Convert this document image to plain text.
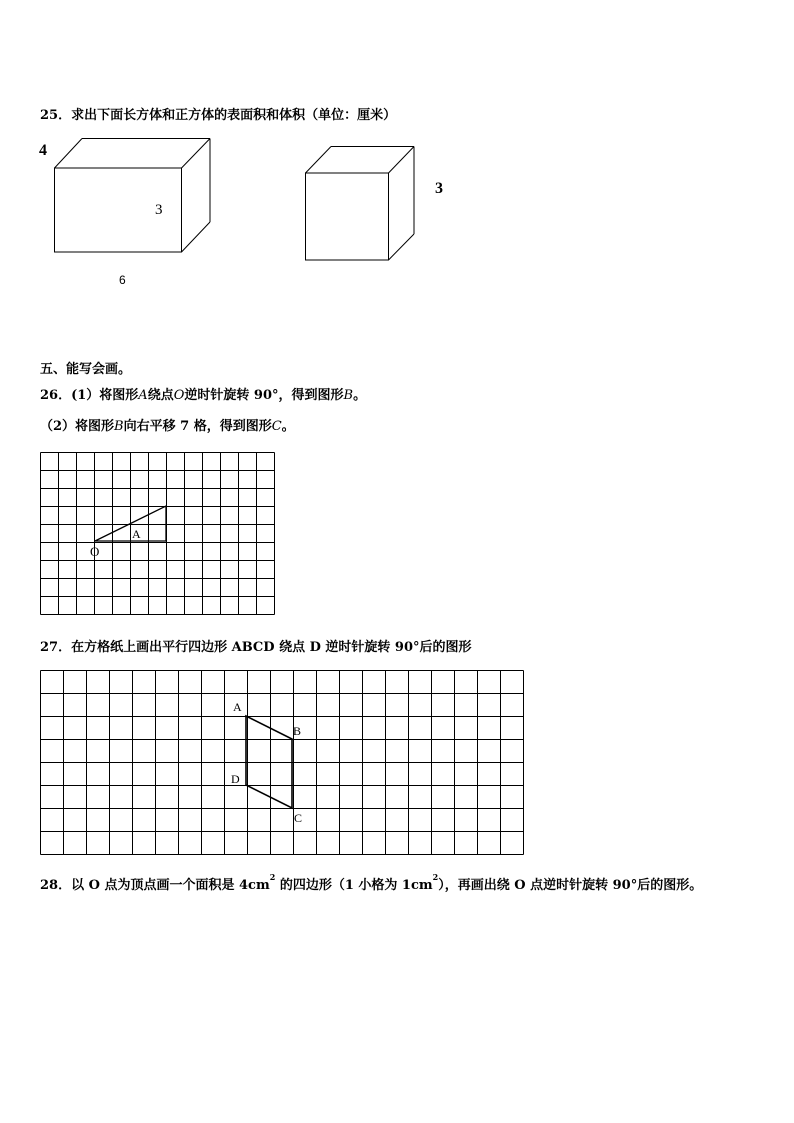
25．求出下面长方体和正方体的表面积和体积（单位：厘米）
4
3
6
3
五、能写会画。
26．(1）将图形A绕点O逆时针旋转 90°，得到图形B。
（2）将图形B向右平移 7 格，得到图形C。
A
O
27．在方格纸上画出平行四边形 ABCD 绕点 D 逆时针旋转 90°后的图形
A
B
D
C
28．以 O 点为顶点画一个面积是 $4cm^2$ 的四边形（1 小格为 $1cm^2$），再画出绕 O 点逆时针旋转 90°后的图形。
